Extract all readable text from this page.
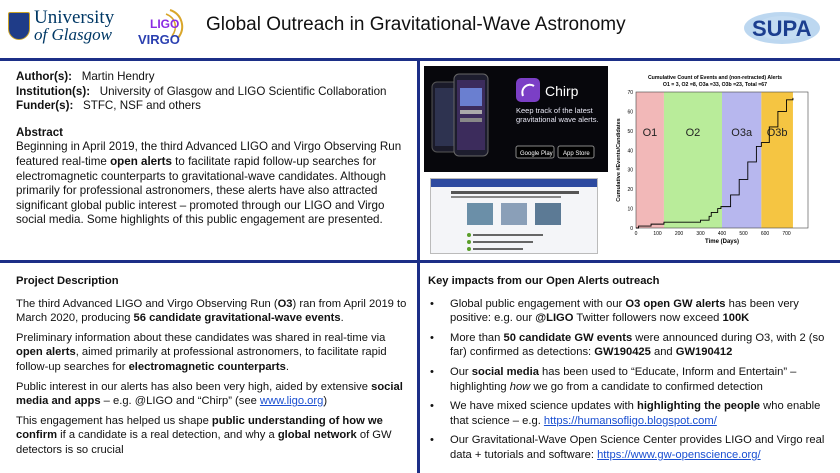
University
of Glasgow
LIGO
VIRGO
Global Outreach in Gravitational-Wave Astronomy	SUPA
Author(s): Martin Hendry
Institution(s): University of Glasgow and LIGO Scientific Collaboration
Funder(s): STFC, NSF and others
Abstract
Beginning in April 2019, the third Advanced LIGO and Virgo Observing Run featured real-time open alerts to facilitate rapid follow-up searches for electromagnetic counterparts to gravitational-wave candidates. Although primarily for professional astronomers, these alerts have also attracted significant global public interest – promoted through our LIGO and Virgo social media. Some highlights of this public engagement are presented.
Chirp
Keep track of the latest gravitational wave alerts.
Google Play App Store
Cumulative Count of Events and (non-retracted) Alerts
O1 = 3, O2 =8, O3a =33, O3b =23, Total =67
O1	O2	O3a O3b
0
10
20
30
40
50
60
70
0	100	200	300	400	500	600	700
Time (Days)
Cumulative #Events/Candidates

Project Description

The third Advanced LIGO and Virgo Observing Run (O3) ran from April 2019 to March 2020, producing 56 candidate gravitational-wave events.

Preliminary information about these candidates was shared in real-time via open alerts, aimed primarily at professional astronomers, to facilitate rapid follow-up searches for electromagnetic counterparts.

Public interest in our alerts has also been very high, aided by extensive social media and apps – e.g. @LIGO and “Chirp” (see www.ligo.org)

This engagement has helped us shape public understanding of how we confirm if a candidate is a real detection, and why a global network of GW detectors is so crucial

Key impacts from our Open Alerts outreach
• Global public engagement with our O3 open GW alerts has been very positive: e.g. our @LIGO Twitter followers now exceed 100K
• More than 50 candidate GW events were announced during O3, with 2 (so far) confirmed as detections: GW190425 and GW190412
• Our social media has been used to “Educate, Inform and Entertain” – highlighting how we go from a candidate to confirmed detection
• We have mixed science updates with highlighting the people who enable that science – e.g. https://humansofligo.blogspot.com/
• Our Gravitational-Wave Open Science Center provides LIGO and Virgo real data + tutorials and software: https://www.gw-openscience.org/
